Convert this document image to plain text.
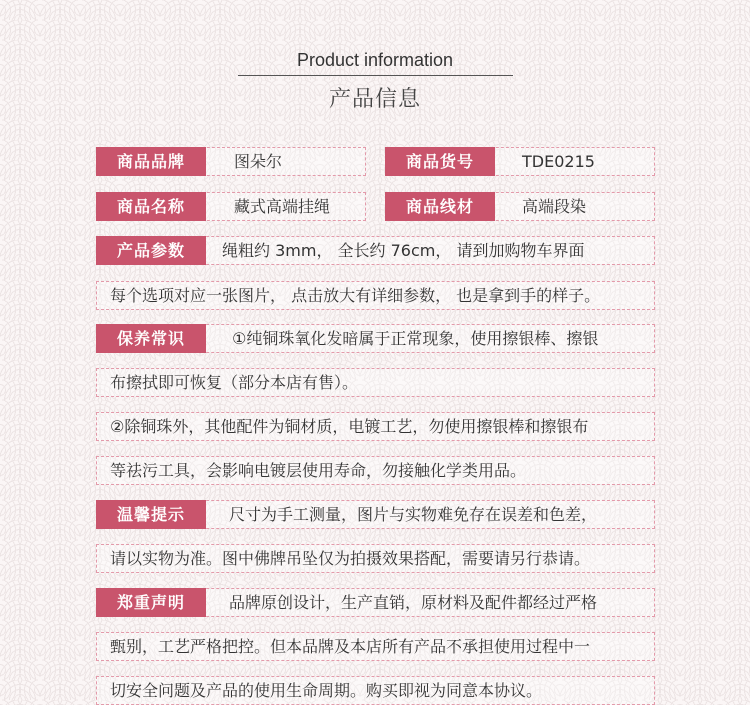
Product information
产品信息
商品品牌	图朵尔	商品货号	TDE0215
商品名称	藏式高端挂绳	商品线材	高端段染
产品参数	绳粗约 3mm， 全长约 76cm， 请到加购物车界面
每个选项对应一张图片， 点击放大有详细参数， 也是拿到手的样子。
保养常识	①纯铜珠氧化发暗属于正常现象，使用擦银棒、擦银
布擦拭即可恢复（部分本店有售）。
②除铜珠外，其他配件为铜材质，电镀工艺，勿使用擦银棒和擦银布
等祛污工具，会影响电镀层使用寿命，勿接触化学类用品。
温馨提示	尺寸为手工测量，图片与实物难免存在误差和色差，
请以实物为准。图中佛牌吊坠仅为拍摄效果搭配，需要请另行恭请。
郑重声明	品牌原创设计，生产直销，原材料及配件都经过严格
甄别，工艺严格把控。但本品牌及本店所有产品不承担使用过程中一
切安全问题及产品的使用生命周期。购买即视为同意本协议。
